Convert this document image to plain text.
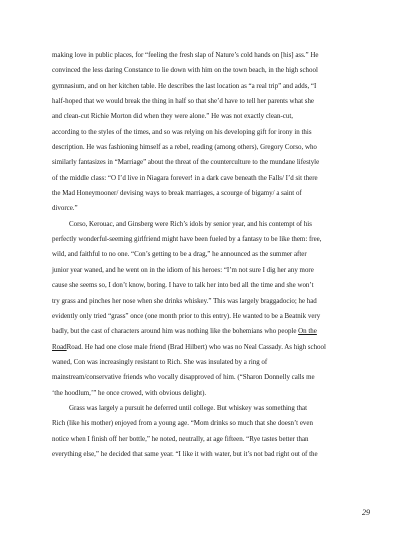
making love in public places, for “feeling the fresh slap of Nature’s cold hands on [his] ass.” He
convinced the less daring Constance to lie down with him on the town beach, in the high school
gymnasium, and on her kitchen table. He describes the last location as “a real trip” and adds, “I
half-hoped that we would break the thing in half so that she’d have to tell her parents what she
and clean-cut Richie Morton did when they were alone.” He was not exactly clean-cut,
according to the styles of the times, and so was relying on his developing gift for irony in this
description. He was fashioning himself as a rebel, reading (among others), Gregory Corso, who
similarly fantasizes in “Marriage” about the threat of the counterculture to the mundane lifestyle
of the middle class: “O I’d live in Niagara forever! in a dark cave beneath the Falls/ I’d sit there
the Mad Honeymooner/ devising ways to break marriages, a scourge of bigamy/ a saint of
divorce.”
Corso, Kerouac, and Ginsberg were Rich’s idols by senior year, and his contempt of his
perfectly wonderful-seeming girlfriend might have been fueled by a fantasy to be like them: free,
wild, and faithful to no one. “Con’s getting to be a drag,” he announced as the summer after
junior year waned, and he went on in the idiom of his heroes: “I’m not sure I dig her any more
cause she seems so, I don’t know, boring. I have to talk her into bed all the time and she won’t
try grass and pinches her nose when she drinks whiskey.” This was largely braggadocio; he had
evidently only tried “grass” once (one month prior to this entry). He wanted to be a Beatnik very
badly, but the cast of characters around him was nothing like the bohemians who people On the
RoadRoad. He had one close male friend (Brad Hilbert) who was no Neal Cassady. As high school
waned, Con was increasingly resistant to Rich. She was insulated by a ring of
mainstream/conservative friends who vocally disapproved of him. (“Sharon Donnelly calls me
‘the hoodlum,’” he once crowed, with obvious delight).
Grass was largely a pursuit he deferred until college. But whiskey was something that
Rich (like his mother) enjoyed from a young age. “Mom drinks so much that she doesn’t even
notice when I finish off her bottle,” he noted, neutrally, at age fifteen. “Rye tastes better than
everything else,” he decided that same year. “I like it with water, but it’s not bad right out of the
29
